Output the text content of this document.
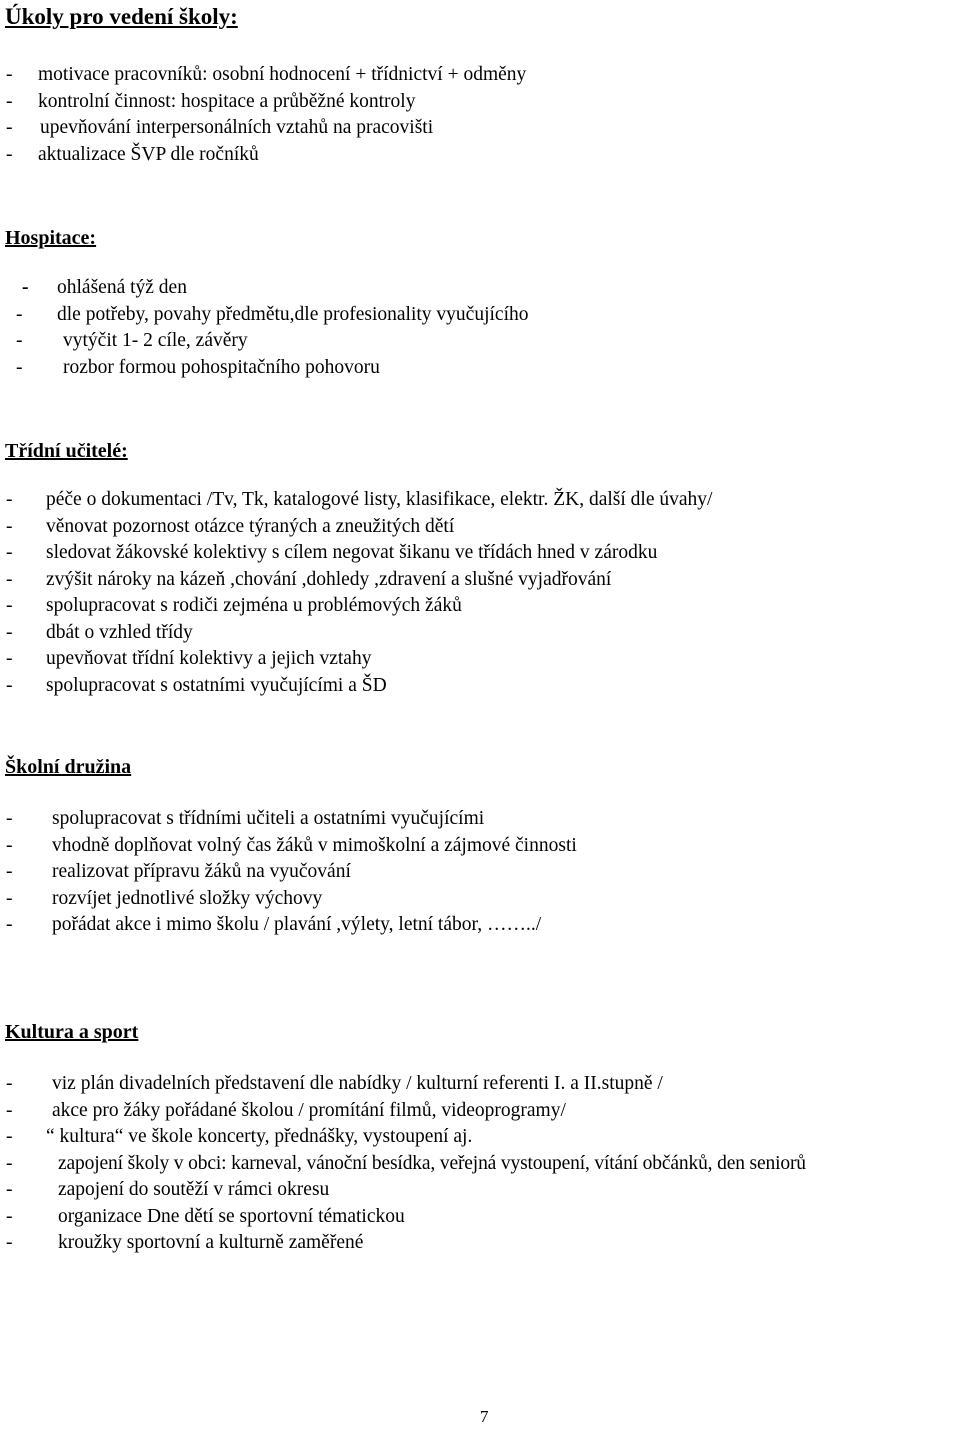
Úkoly pro vedení školy:
- motivace pracovníků: osobní hodnocení + třídnictví + odměny
- kontrolní činnost: hospitace a průběžné kontroly
- upevňování interpersonálních vztahů na pracovišti
- aktualizace ŠVP dle ročníků
Hospitace:
- ohlášená týž den
- dle potřeby, povahy předmětu,dle profesionality vyučujícího
- vytýčit 1- 2 cíle, závěry
- rozbor formou pohospitačního pohovoru
Třídní učitelé:
- péče o dokumentaci /Tv, Tk, katalogové listy, klasifikace, elektr. ŽK, další dle úvahy/
- věnovat pozornost otázce týraných a zneužitých dětí
- sledovat žákovské kolektivy s cílem negovat šikanu ve třídách hned v zárodku
- zvýšit nároky na kázeň ,chování ,dohledy ,zdravení a slušné vyjadřování
- spolupracovat s rodiči zejména u problémových žáků
- dbát o vzhled třídy
- upevňovat třídní kolektivy a jejich vztahy
- spolupracovat s ostatními vyučujícími a ŠD
Školní družina
- spolupracovat s třídními učiteli a ostatními vyučujícími
- vhodně doplňovat volný čas žáků v mimoškolní a zájmové činnosti
- realizovat přípravu žáků na vyučování
- rozvíjet jednotlivé složky výchovy
- pořádat akce i mimo školu / plavání ,výlety, letní tábor, ……../
Kultura a sport
- viz plán divadelních představení dle nabídky / kulturní referenti I. a II.stupně /
- akce pro žáky pořádané školou / promítání filmů, videoprogramy/
- “ kultura“ ve škole koncerty, přednášky, vystoupení aj.
- zapojení školy v obci: karneval, vánoční besídka, veřejná vystoupení, vítání občánků, den seniorů
- zapojení do soutěží v rámci okresu
- organizace Dne dětí se sportovní tématickou
- kroužky sportovní a kulturně zaměřené
7
